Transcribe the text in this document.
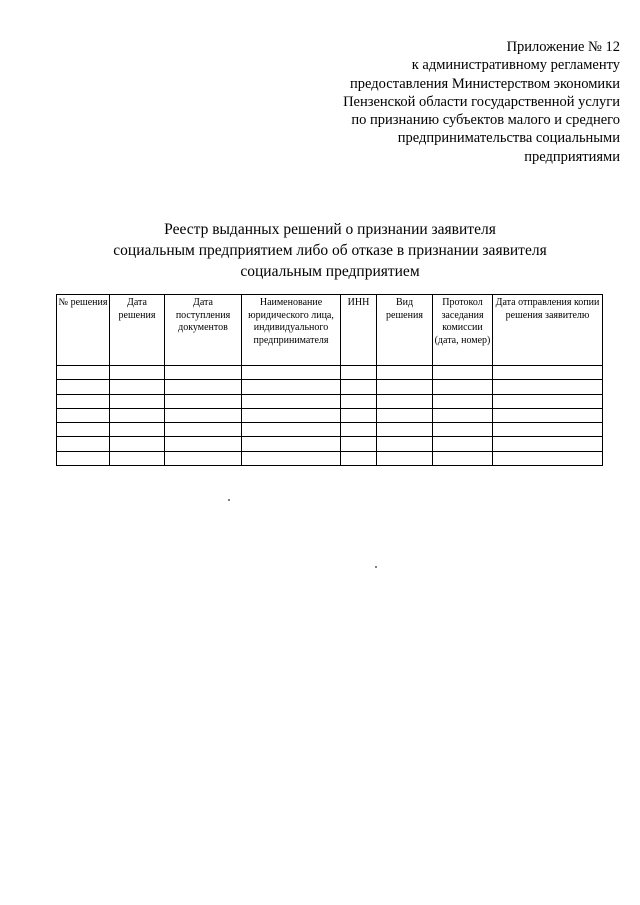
Приложение № 12
к административному регламенту
предоставления Министерством экономики
Пензенской области государственной услуги
по признанию субъектов малого и среднего
предпринимательства социальными
предприятиями
Реестр выданных решений о признании заявителя
социальным предприятием либо об отказе в признании заявителя
социальным предприятием
№ решения	Дата решения	Дата поступления документов	Наименование юридического лица, индивидуального предпринимателя	ИНН	Вид решения	Протокол заседания комиссии (дата, номер)	Дата отправления копии решения заявителю
